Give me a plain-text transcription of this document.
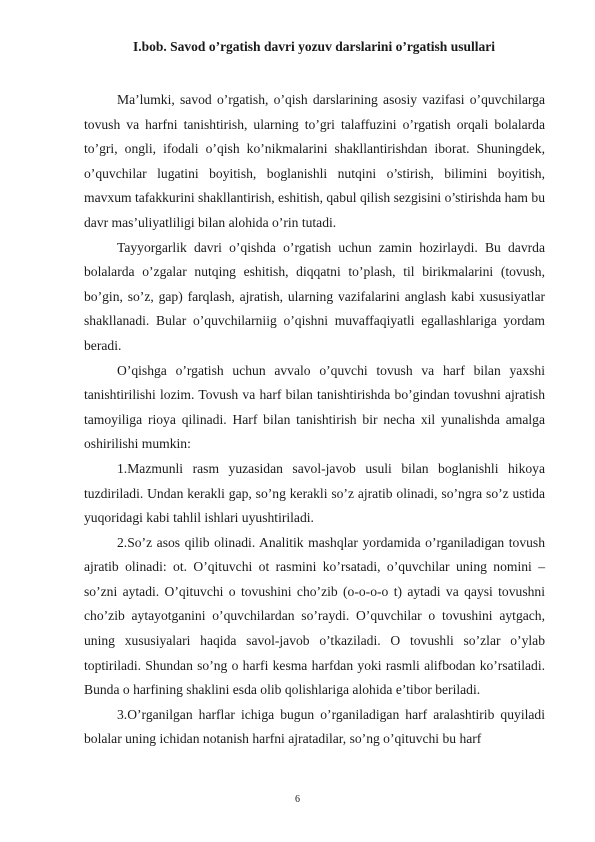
I.bob. Savod o’rgatish davri yozuv darslarini o’rgatish usullari

Ma’lumki, savod o’rgatish, o’qish darslarining asosiy vazifasi o’quvchilarga tovush va harfni tanishtirish, ularning to’gri talaffuzini o’rgatish orqali bolalarda to’gri, ongli, ifodali o’qish ko’nikmalarini shakllantirishdan iborat. Shuningdek, o’quvchilar lugatini boyitish, boglanishli nutqini o’stirish, bilimini boyitish, mavxum tafakkurini shakllantirish, eshitish, qabul qilish sezgisini o’stirishda ham bu davr mas’uliyatliligi bilan alohida o’rin tutadi.

Tayyorgarlik davri o’qishda o’rgatish uchun zamin hozirlaydi. Bu davrda bolalarda o’zgalar nutqing eshitish, diqqatni to’plash, til birikmalarini (tovush, bo’gin, so’z, gap) farqlash, ajratish, ularning vazifalarini anglash kabi xususiyatlar shakllanadi. Bular o’quvchilarniig o’qishni muvaffaqiyatli egallashlariga yordam beradi.

O’qishga o’rgatish uchun avvalo o’quvchi tovush va harf bilan yaxshi tanishtirilishi lozim. Tovush va harf bilan tanishtirishda bo’gindan tovushni ajratish tamoyiliga rioya qilinadi. Harf bilan tanishtirish bir necha xil yunalishda amalga oshirilishi mumkin:

1.Mazmunli rasm yuzasidan savol-javob usuli bilan boglanishli hikoya tuzdiriladi. Undan kerakli gap, so’ng kerakli so’z ajratib olinadi, so’ngra so’z ustida yuqoridagi kabi tahlil ishlari uyushtiriladi.

2.So’z asos qilib olinadi. Analitik mashqlar yordamida o’rganiladigan tovush ajratib olinadi: ot. O’qituvchi ot rasmini ko’rsatadi, o’quvchilar uning nomini – so’zni aytadi. O’qituvchi o tovushini cho’zib (o-o-o-o t) aytadi va qaysi tovushni cho’zib aytayotganini o’quvchilardan so’raydi. O’quvchilar o tovushini aytgach, uning xususiyalari haqida savol-javob o’tkaziladi. O tovushli so’zlar o’ylab toptiriladi. Shundan so’ng o harfi kesma harfdan yoki rasmli alifbodan ko’rsatiladi. Bunda o harfining shaklini esda olib qolishlariga alohida e’tibor beriladi.

3.O’rganilgan harflar ichiga bugun o’rganiladigan harf aralashtirib quyiladi bolalar uning ichidan notanish harfni ajratadilar, so’ng o’qituvchi bu harf

6
